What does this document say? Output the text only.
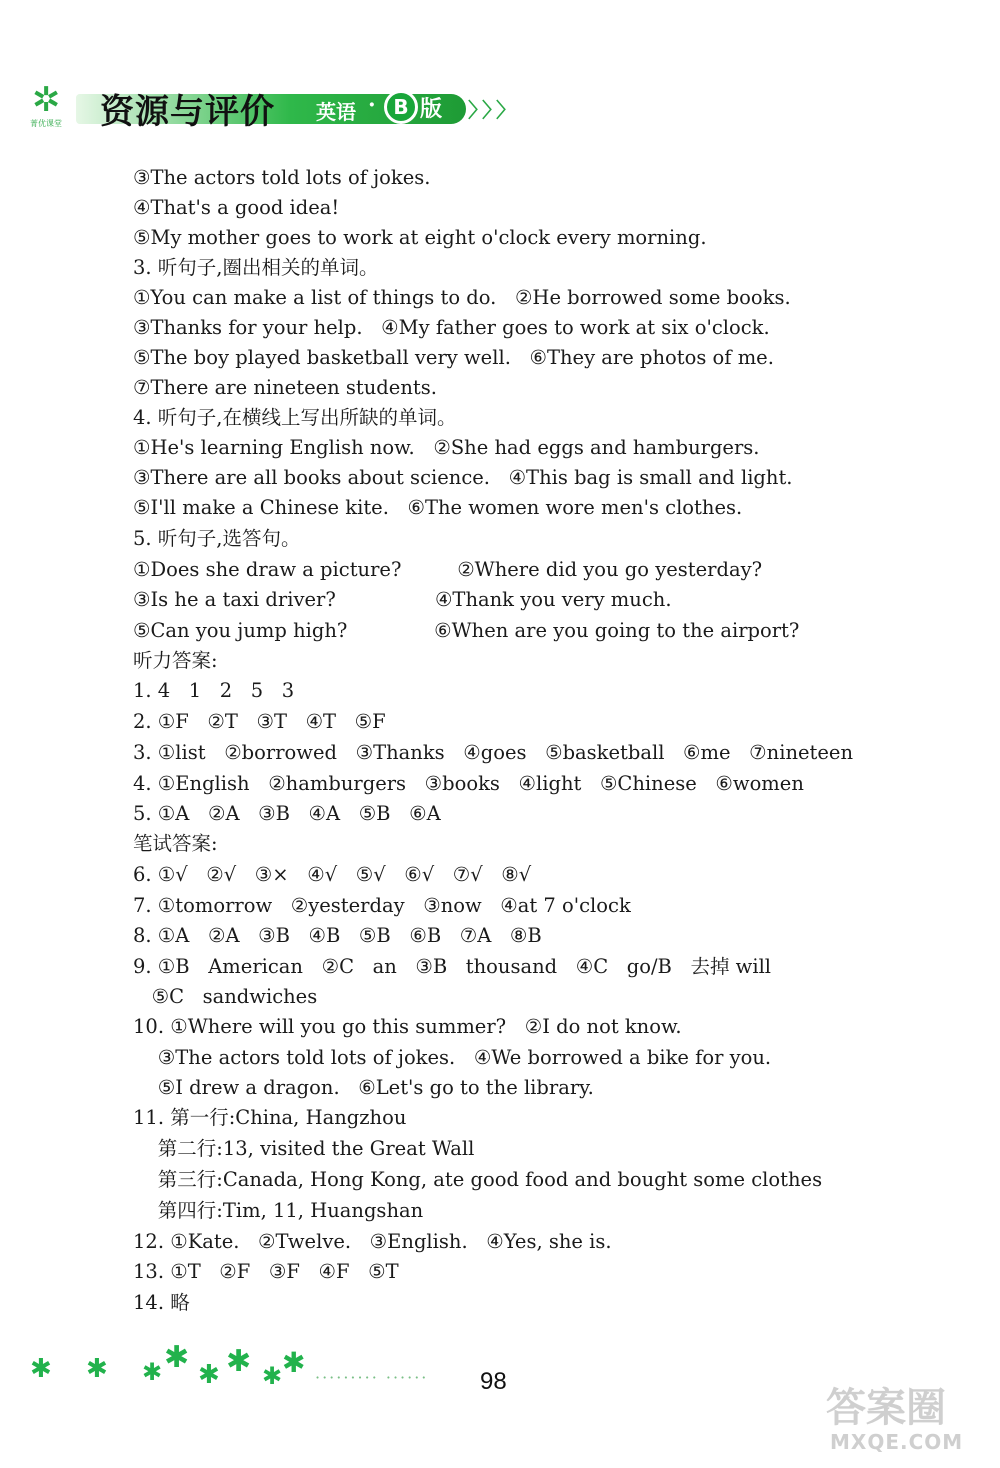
✲
菁优课堂 资源与评价 英语 · B 版 〉〉〉
③The actors told lots of jokes.
④That's a good idea!
⑤My mother goes to work at eight o'clock every morning.
3. 听句子,圈出相关的单词。
①You can make a list of things to do.   ②He borrowed some books.
③Thanks for your help.   ④My father goes to work at six o'clock.
⑤The boy played basketball very well.   ⑥They are photos of me.
⑦There are nineteen students.
4. 听句子,在横线上写出所缺的单词。
①He's learning English now.   ②She had eggs and hamburgers.
③There are all books about science.   ④This bag is small and light.
⑤I'll make a Chinese kite.   ⑥The women wore men's clothes.
5. 听句子,选答句。
①Does she draw a picture?         ②Where did you go yesterday?
③Is he a taxi driver?                ④Thank you very much.
⑤Can you jump high?              ⑥When are you going to the airport?
听力答案:
1. 4   1   2   5   3
2. ①F   ②T   ③T   ④T   ⑤F
3. ①list   ②borrowed   ③Thanks   ④goes   ⑤basketball   ⑥me   ⑦nineteen
4. ①English   ②hamburgers   ③books   ④light   ⑤Chinese   ⑥women
5. ①A   ②A   ③B   ④A   ⑤B   ⑥A
笔试答案:
6. ①√   ②√   ③×   ④√   ⑤√   ⑥√   ⑦√   ⑧√
7. ①tomorrow   ②yesterday   ③now   ④at 7 o'clock
8. ①A   ②A   ③B   ④B   ⑤B   ⑥B   ⑦A   ⑧B
9. ①B   American   ②C   an   ③B   thousand   ④C   go/B   去掉 will
⑤C   sandwiches
10. ①Where will you go this summer?   ②I do not know.
③The actors told lots of jokes.   ④We borrowed a bike for you.
⑤I drew a dragon.   ⑥Let's go to the library.
11. 第一行:China, Hangzhou
第二行:13, visited the Great Wall
第三行:Canada, Hong Kong, ate good food and bought some clothes
第四行:Tim, 11, Huangshan
12. ①Kate.   ②Twelve.   ③English.   ④Yes, she is.
13. ①T   ②F   ③F   ④F   ⑤T
14. 略
✱ ✱ ✱ ✱ ✱ ✱ ✱ ✱ ········· ······ 98
答案圈
MXQE.COM
